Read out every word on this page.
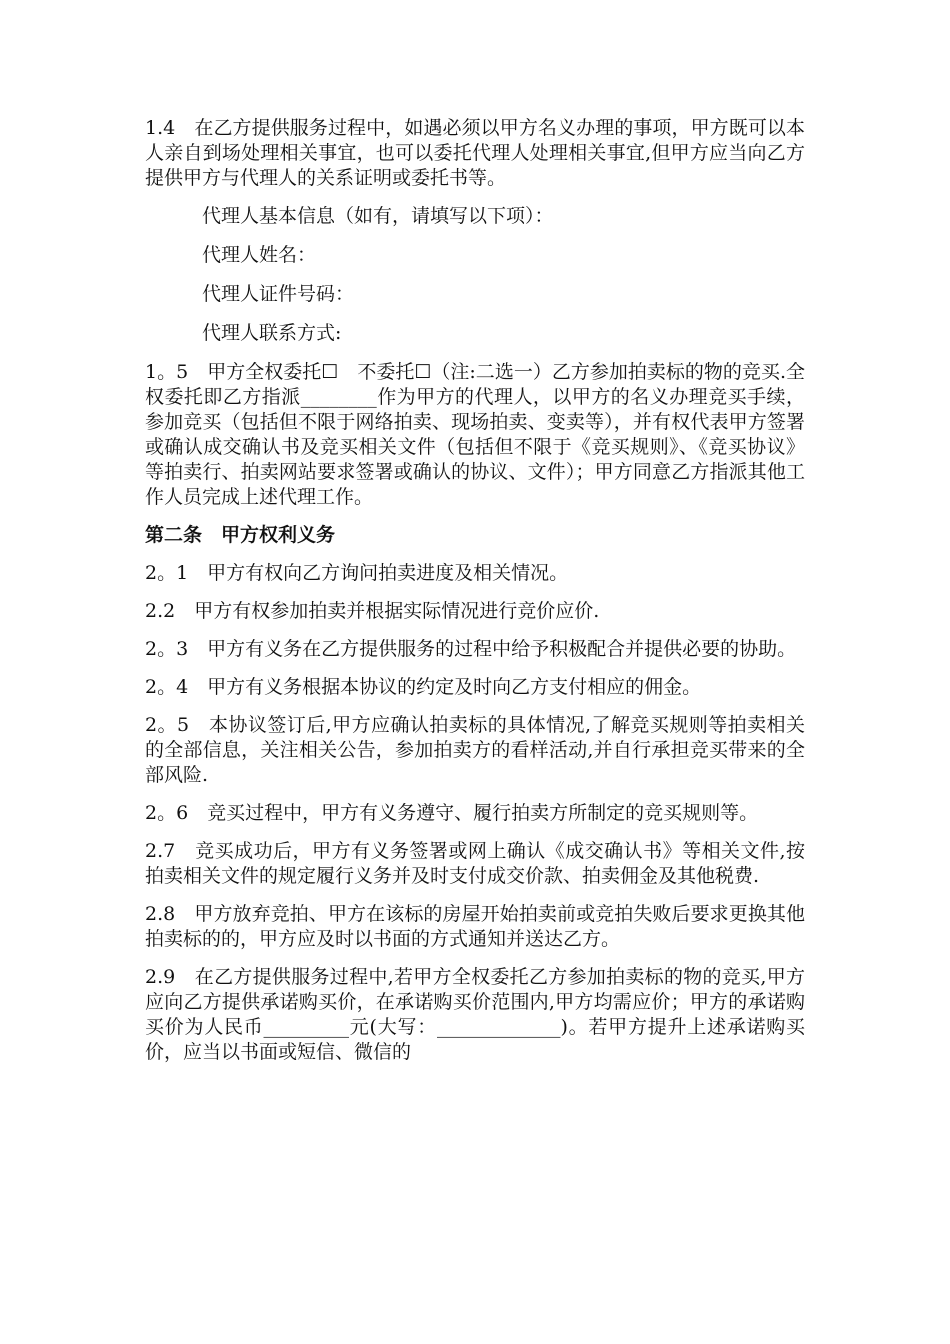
1.4　在乙方提供服务过程中，如遇必须以甲方名义办理的事项，甲方既可以本人亲自到场处理相关事宜，也可以委托代理人处理相关事宜,但甲方应当向乙方提供甲方与代理人的关系证明或委托书等。

代理人基本信息（如有，请填写以下项）：

代理人姓名：

代理人证件号码：

代理人联系方式:

1。5　甲方全权委托☐　不委托☐（注:二选一）乙方参加拍卖标的物的竞买.全权委托即乙方指派________作为甲方的代理人，以甲方的名义办理竞买手续，参加竞买（包括但不限于网络拍卖、现场拍卖、变卖等），并有权代表甲方签署或确认成交确认书及竞买相关文件（包括但不限于《竞买规则》、《竞买协议》等拍卖行、拍卖网站要求签署或确认的协议、文件）；甲方同意乙方指派其他工作人员完成上述代理工作。

第二条　甲方权利义务

2。1　甲方有权向乙方询问拍卖进度及相关情况。

2.2　甲方有权参加拍卖并根据实际情况进行竞价应价.

2。3　甲方有义务在乙方提供服务的过程中给予积极配合并提供必要的协助。

2。4　甲方有义务根据本协议的约定及时向乙方支付相应的佣金。

2。5　本协议签订后,甲方应确认拍卖标的具体情况,了解竞买规则等拍卖相关的全部信息，关注相关公告，参加拍卖方的看样活动,并自行承担竞买带来的全部风险.

2。6　竞买过程中，甲方有义务遵守、履行拍卖方所制定的竞买规则等。

2.7　竞买成功后，甲方有义务签署或网上确认《成交确认书》等相关文件,按拍卖相关文件的规定履行义务并及时支付成交价款、拍卖佣金及其他税费.

2.8　甲方放弃竞拍、甲方在该标的房屋开始拍卖前或竞拍失败后要求更换其他拍卖标的的，甲方应及时以书面的方式通知并送达乙方。

2.9　在乙方提供服务过程中,若甲方全权委托乙方参加拍卖标的物的竞买,甲方应向乙方提供承诺购买价，在承诺购买价范围内,甲方均需应价；甲方的承诺购买价为人民币_________元(大写：_____________)。若甲方提升上述承诺购买价，应当以书面或短信、微信的
